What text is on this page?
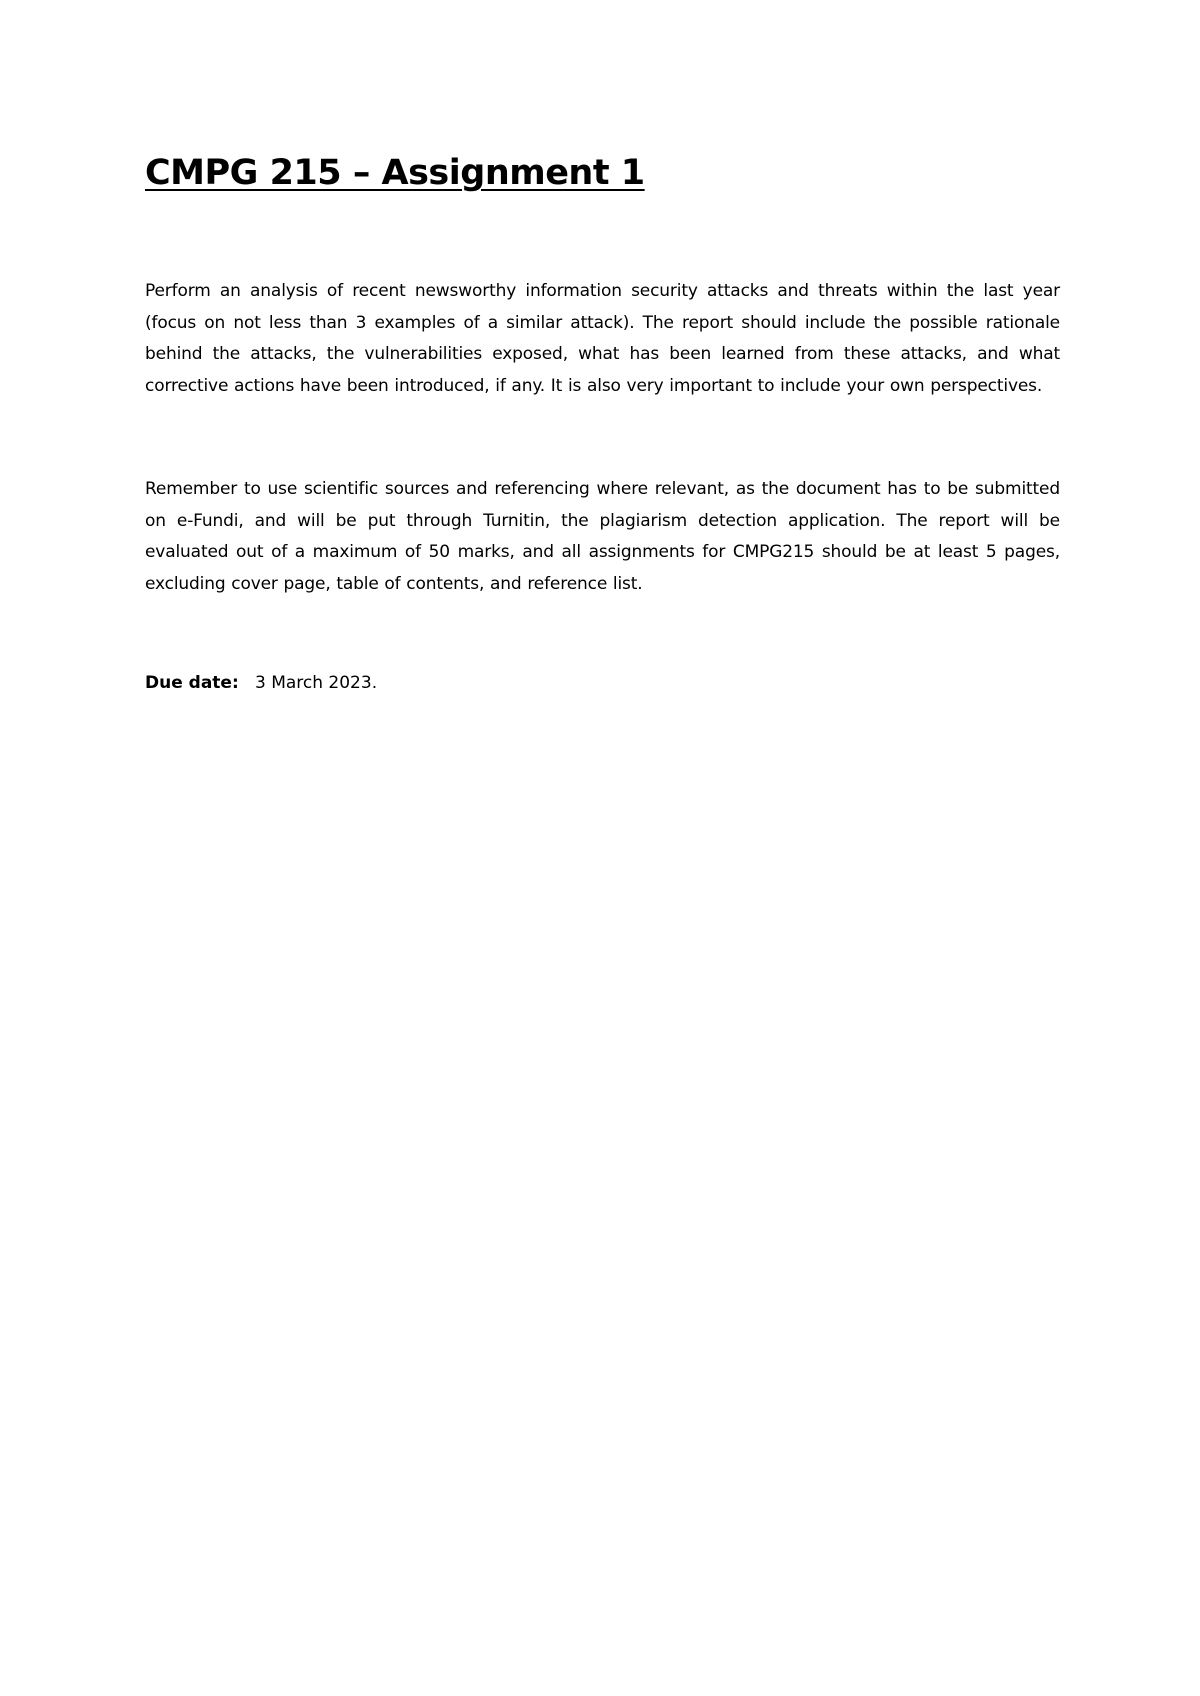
CMPG 215 – Assignment 1

Perform an analysis of recent newsworthy information security attacks and threats within the last year (focus on not less than 3 examples of a similar attack). The report should include the possible rationale behind the attacks, the vulnerabilities exposed, what has been learned from these attacks, and what corrective actions have been introduced, if any. It is also very important to include your own perspectives.

Remember to use scientific sources and referencing where relevant, as the document has to be submitted on e-Fundi, and will be put through Turnitin, the plagiarism detection application. The report will be evaluated out of a maximum of 50 marks, and all assignments for CMPG215 should be at least 5 pages, excluding cover page, table of contents, and reference list.

Due date: 3 March 2023.
